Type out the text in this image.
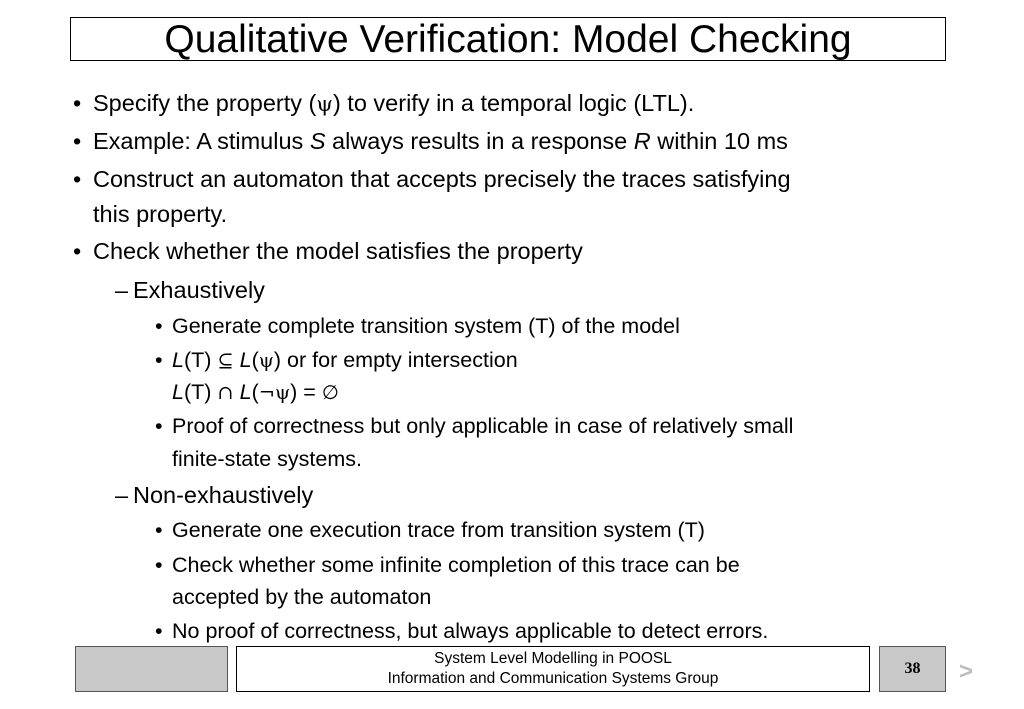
Qualitative Verification: Model Checking
• Specify the property (ψ) to verify in a temporal logic (LTL).
• Example: A stimulus S always results in a response R within 10 ms
• Construct an automaton that accepts precisely the traces satisfying
this property.
• Check whether the model satisfies the property
– Exhaustively
• Generate complete transition system (T) of the model
• L(T) ⊆ L(ψ) or for empty intersection
L(T) ∩ L(¬ψ) = ∅
• Proof of correctness but only applicable in case of relatively small
finite-state systems.
– Non-exhaustively
• Generate one execution trace from transition system (T)
• Check whether some infinite completion of this trace can be
accepted by the automaton
• No proof of correctness, but always applicable to detect errors.
System Level Modelling in POOSL
Information and Communication Systems Group
38 >
